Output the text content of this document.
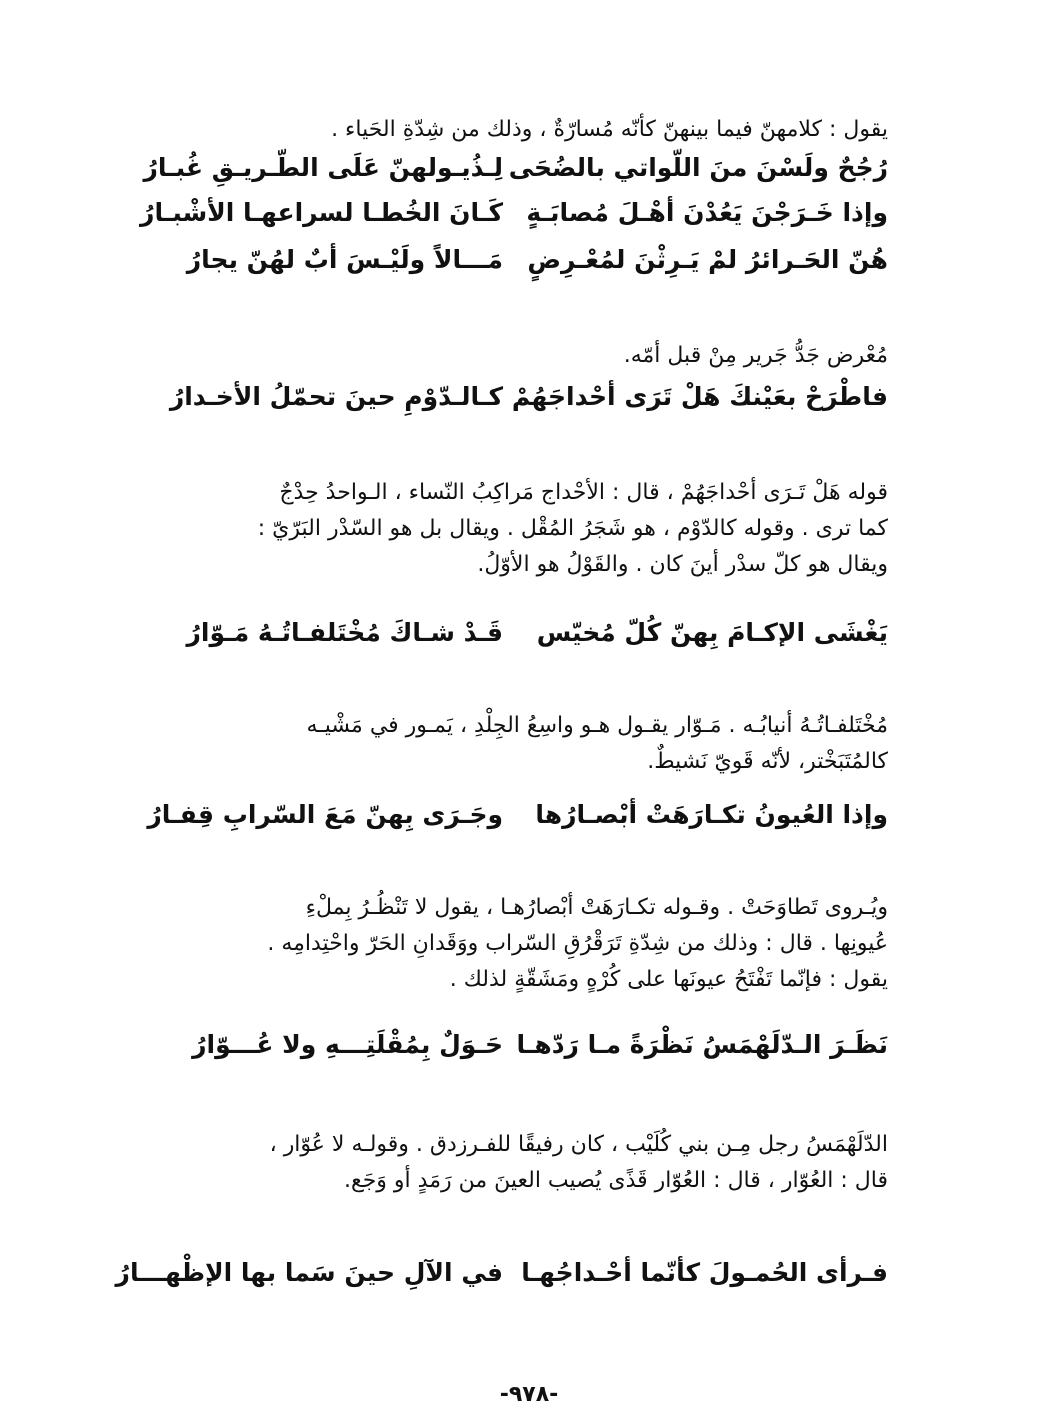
يقول : كلامهنّ فيما بينهنّ كأنّه مُسارّةٌ ، وذلك من شِدّةِ الحَياء .

رُجُحٌ ولَسْنَ منَ اللّواتي بالضُحَى
لِـذُيـولهنّ عَلَى الطّـريـقِ غُبـارُ
وإذا خَـرَجْنَ يَعُدْنَ أهْـلَ مُصابَـةٍ
كَـانَ الخُطـا لسراعهـا الأشْبـارُ
هُنّ الحَـرائرُ لمْ يَـرِثْنَ لمُعْـرِضٍ
مَـــالاً ولَيْـسَ أبٌ لهُنّ يجارُ

مُعْرض جَدُّ جَرير مِنْ قبل أمّه.

فاطْرَحْ بعَيْنكَ هَلْ تَرَى أحْداجَهُمْ
كـالـدّوْمِ حينَ تحمّلُ الأخـدارُ

قوله هَلْ تَـرَى أحْداجَهُمْ ، قال : الأحْداج مَراكِبُ النّساء ، الـواحدُ حِدْجٌ

كما ترى . وقوله كالدّوْم ، هو شَجَرُ المُقْل . ويقال بل هو السّدْر البَرّيّ :

ويقال هو كلّ سدْر أينَ كان . والقَوْلُ هو الأوّلُ.

يَغْشَى الإكـامَ بِهنّ كُلّ مُخيّس
قَـدْ شـاكَ مُخْتَلفـاتُـهُ مَـوّارُ

مُخْتَلفـاتُـهُ أنيابُـه . مَـوّار يقـول هـو واسِعُ الجِلْدِ ، يَمـور في مَشْيـه

كالمُتَبَخْتر، لأنّه قَويّ نَشيطٌ.

وإذا العُيونُ تكـارَهَتْ أبْصـارُها
وجَـرَى بِهنّ مَعَ السّرابِ قِفـارُ

ويُـروى تَطاوَحَتْ . وقـوله تكـارَهَتْ أبْصارُهـا ، يقول لا تَنْظُـرُ بِملْءِ

عُيونِها . قال : وذلك من شِدّةِ تَرَقْرُقِ السّراب ووَقَدانِ الحَرّ واحْتِدامِه .

يقول : فإنّما تَفْتَحُ عيونَها على كُرْهٍ ومَشَقّةٍ لذلك .

نَظَـرَ الـدّلَهْمَسُ نَظْرَةً مـا رَدّهـا
حَـوَلٌ بِمُقْلَتِـــهِ ولا عُـــوّارُ

الدّلَهْمَسُ رجل مِـن بني كُلَيْب ، كان رفيقًا للفـرزدق . وقولـه لا عُوّار ،

قال : العُوّار ، قال : العُوّار قَذًى يُصيب العينَ من رَمَدٍ أو وَجَع.

فـرأى الحُمـولَ كأنّما أحْـداجُهـا
في الآلِ حينَ سَما بها الإظْهـــارُ
-٩٧٨-
